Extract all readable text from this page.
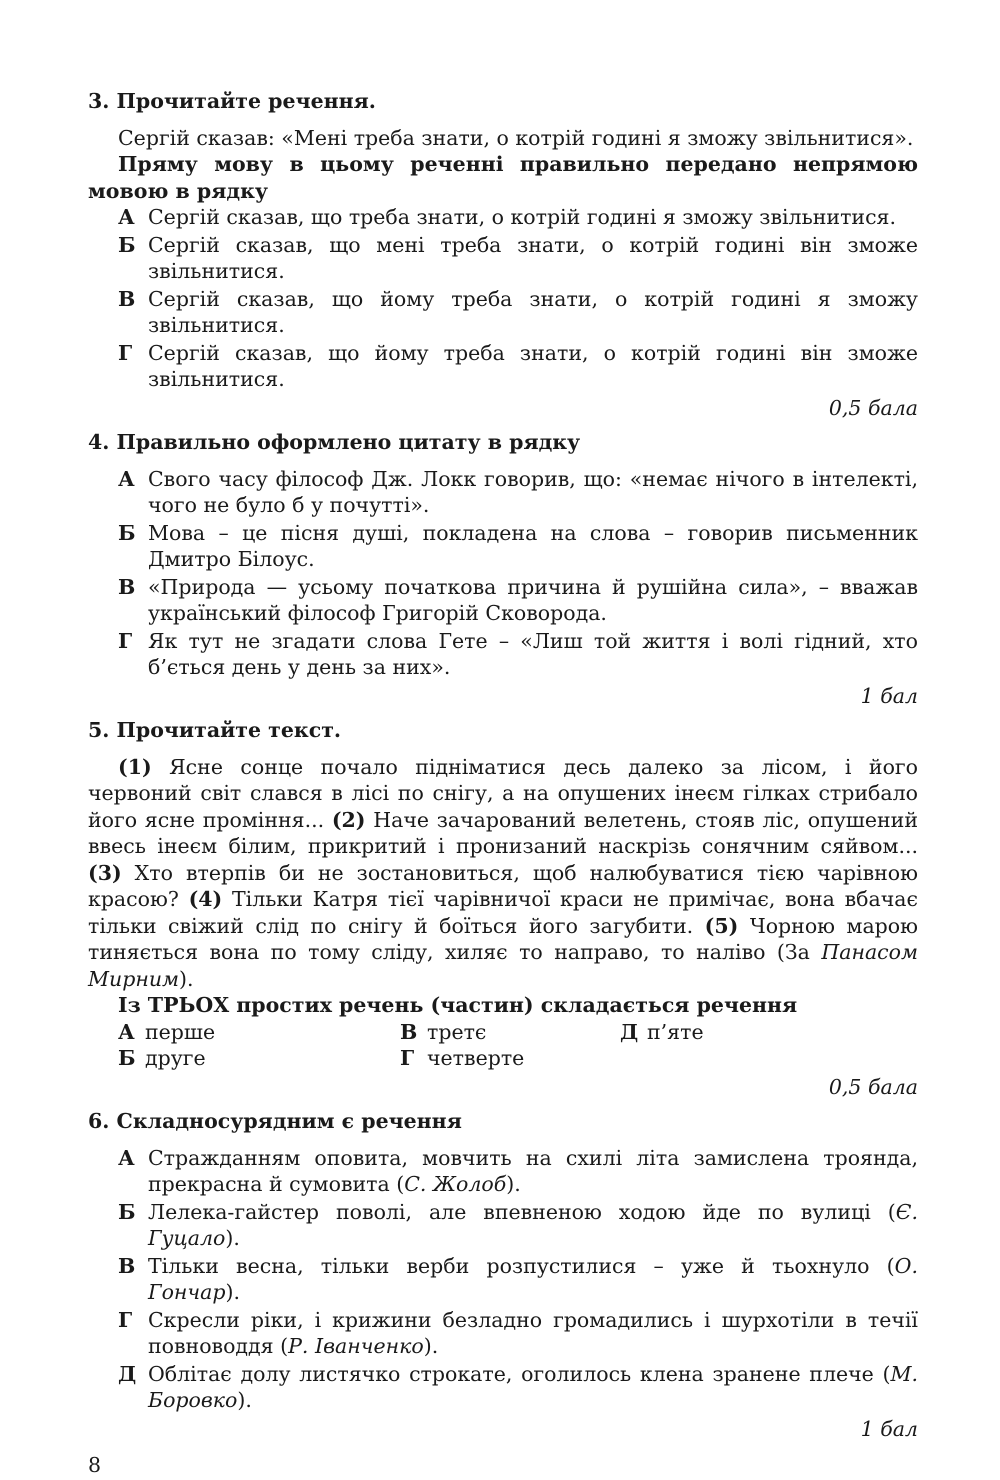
3. Прочитайте речення.

Сергій сказав: «Мені треба знати, о котрій годині я зможу звільнитися».

Пряму мову в цьому реченні правильно передано непрямою мовою в рядку

А Сергій сказав, що треба знати, о котрій годині я зможу звільнитися.
Б Сергій сказав, що мені треба знати, о котрій годині він зможе звільнитися.
В Сергій сказав, що йому треба знати, о котрій годині я зможу звільнитися.
Г Сергій сказав, що йому треба знати, о котрій годині він зможе звільнитися.
0,5 бала

4. Правильно оформлено цитату в рядку

А Свого часу філософ Дж. Локк говорив, що: «немає нічого в інтелекті, чого не було б у почутті».
Б Мова – це пісня душі, покладена на слова – говорив письменник Дмитро Білоус.
В «Природа — усьому початкова причина й рушійна сила», – вважав український філософ Григорій Сковорода.
Г Як тут не згадати слова Гете – «Лиш той життя і волі гідний, хто б’ється день у день за них».
1 бал

5. Прочитайте текст.

(1) Ясне сонце почало підніматися десь далеко за лісом, і його червоний світ слався в лісі по снігу, а на опушених інеєм гілках стрибало його ясне проміння... (2) Наче зачарований велетень, стояв ліс, опушений ввесь інеєм білим, прикритий і пронизаний наскрізь сонячним сяйвом... (3) Хто втерпів би не зостановиться, щоб налюбуватися тією чарівною красою? (4) Тільки Катря тієї чарівничої краси не примічає, вона вбачає тільки свіжий слід по снігу й боїться його загубити. (5) Чорною марою тиняється вона по тому сліду, хиляє то направо, то наліво (За Панасом Мирним).

Із ТРЬОХ простих речень (частин) складається речення

А перше
Б друге
В третє
Г четверте
Д п’яте
0,5 бала

6. Складносурядним є речення

А Стражданням оповита, мовчить на схилі літа замислена троянда, прекрасна й сумовита (С. Жолоб).
Б Лелека-гайстер поволі, але впевненою ходою йде по вулиці (Є. Гуцало).
В Тільки весна, тільки верби розпустилися – уже й тьохнуло (О. Гончар).
Г Скресли ріки, і крижини безладно громадились і шурхотіли в течії повноводдя (Р. Іванченко).
Д Облітає долу листячко строкате, оголилось клена зранене плече (М. Боровко).
1 бал
8
